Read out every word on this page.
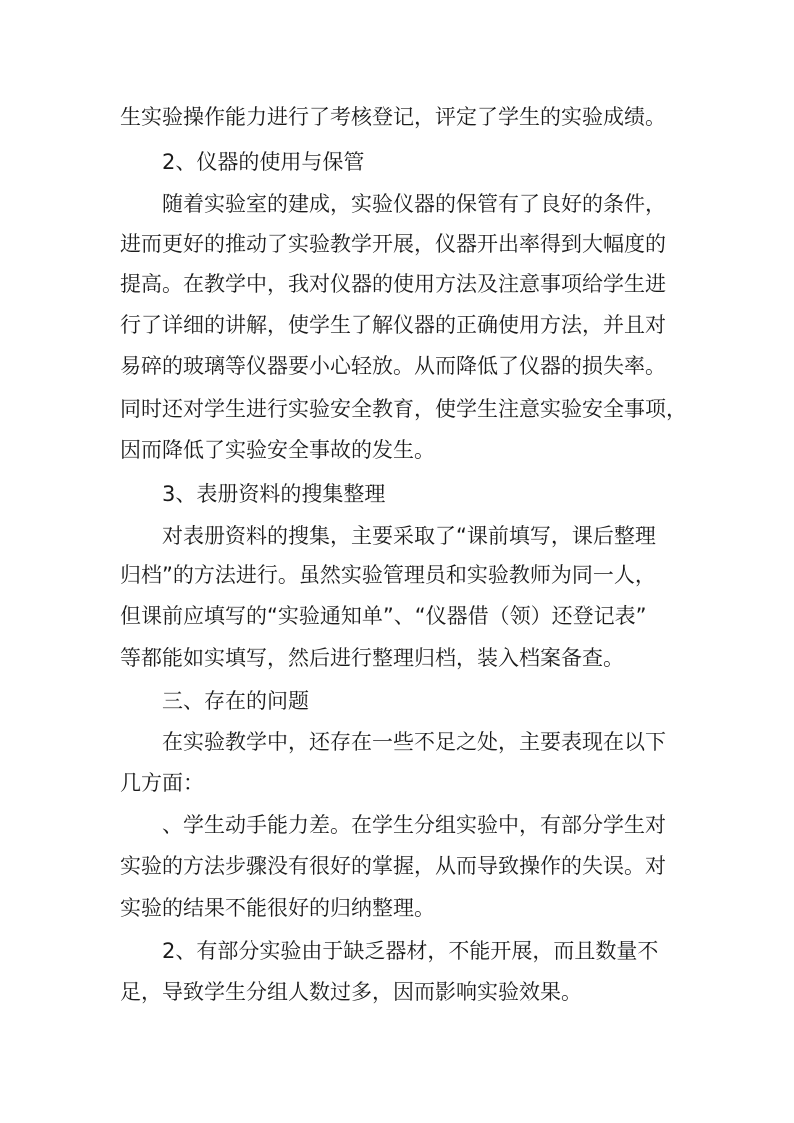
生实验操作能力进行了考核登记，评定了学生的实验成绩。
2、仪器的使用与保管
随着实验室的建成，实验仪器的保管有了良好的条件，
进而更好的推动了实验教学开展，仪器开出率得到大幅度的
提高。在教学中，我对仪器的使用方法及注意事项给学生进
行了详细的讲解，使学生了解仪器的正确使用方法，并且对
易碎的玻璃等仪器要小心轻放。从而降低了仪器的损失率。
同时还对学生进行实验安全教育，使学生注意实验安全事项，
因而降低了实验安全事故的发生。
3、表册资料的搜集整理
对表册资料的搜集，主要采取了“课前填写，课后整理
归档”的方法进行。虽然实验管理员和实验教师为同一人，
但课前应填写的“实验通知单”、“仪器借（领）还登记表”
等都能如实填写，然后进行整理归档，装入档案备查。
三、存在的问题
在实验教学中，还存在一些不足之处，主要表现在以下
几方面：
、学生动手能力差。在学生分组实验中，有部分学生对
实验的方法步骤没有很好的掌握，从而导致操作的失误。对
实验的结果不能很好的归纳整理。
2、有部分实验由于缺乏器材，不能开展，而且数量不
足，导致学生分组人数过多，因而影响实验效果。
